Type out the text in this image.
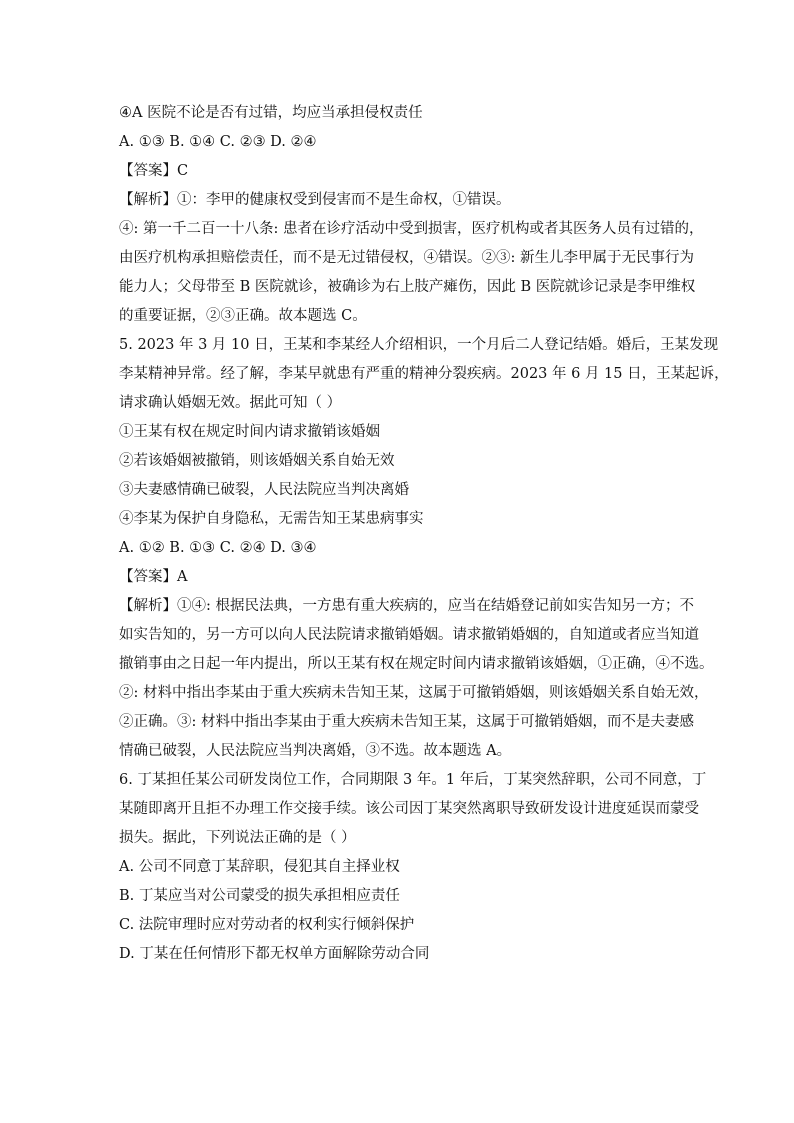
④A 医院不论是否有过错，均应当承担侵权责任
A. ①③ B. ①④ C. ②③ D. ②④
【答案】C
【解析】①：李甲的健康权受到侵害而不是生命权，①错误。
④: 第一千二百一十八条: 患者在诊疗活动中受到损害，医疗机构或者其医务人员有过错的，
由医疗机构承担赔偿责任，而不是无过错侵权，④错误。②③: 新生儿李甲属于无民事行为
能力人；父母带至 B 医院就诊，被确诊为右上肢产瘫伤，因此 B 医院就诊记录是李甲维权
的重要证据，②③正确。故本题选 C。
5. 2023 年 3 月 10 日，王某和李某经人介绍相识，一个月后二人登记结婚。婚后，王某发现
李某精神异常。经了解，李某早就患有严重的精神分裂疾病。2023 年 6 月 15 日，王某起诉，
请求确认婚姻无效。据此可知（ ）
①王某有权在规定时间内请求撤销该婚姻
②若该婚姻被撤销，则该婚姻关系自始无效
③夫妻感情确已破裂，人民法院应当判决离婚
④李某为保护自身隐私，无需告知王某患病事实
A. ①② B. ①③ C. ②④ D. ③④
【答案】A
【解析】①④: 根据民法典，一方患有重大疾病的，应当在结婚登记前如实告知另一方；不
如实告知的，另一方可以向人民法院请求撤销婚姻。请求撤销婚姻的，自知道或者应当知道
撤销事由之日起一年内提出，所以王某有权在规定时间内请求撤销该婚姻，①正确，④不选。
②: 材料中指出李某由于重大疾病未告知王某，这属于可撤销婚姻，则该婚姻关系自始无效，
②正确。③: 材料中指出李某由于重大疾病未告知王某，这属于可撤销婚姻，而不是夫妻感
情确已破裂，人民法院应当判决离婚，③不选。故本题选 A。
6. 丁某担任某公司研发岗位工作，合同期限 3 年。1 年后，丁某突然辞职，公司不同意，丁
某随即离开且拒不办理工作交接手续。该公司因丁某突然离职导致研发设计进度延误而蒙受
损失。据此，下列说法正确的是（ ）
A. 公司不同意丁某辞职，侵犯其自主择业权
B. 丁某应当对公司蒙受的损失承担相应责任
C. 法院审理时应对劳动者的权利实行倾斜保护
D. 丁某在任何情形下都无权单方面解除劳动合同
